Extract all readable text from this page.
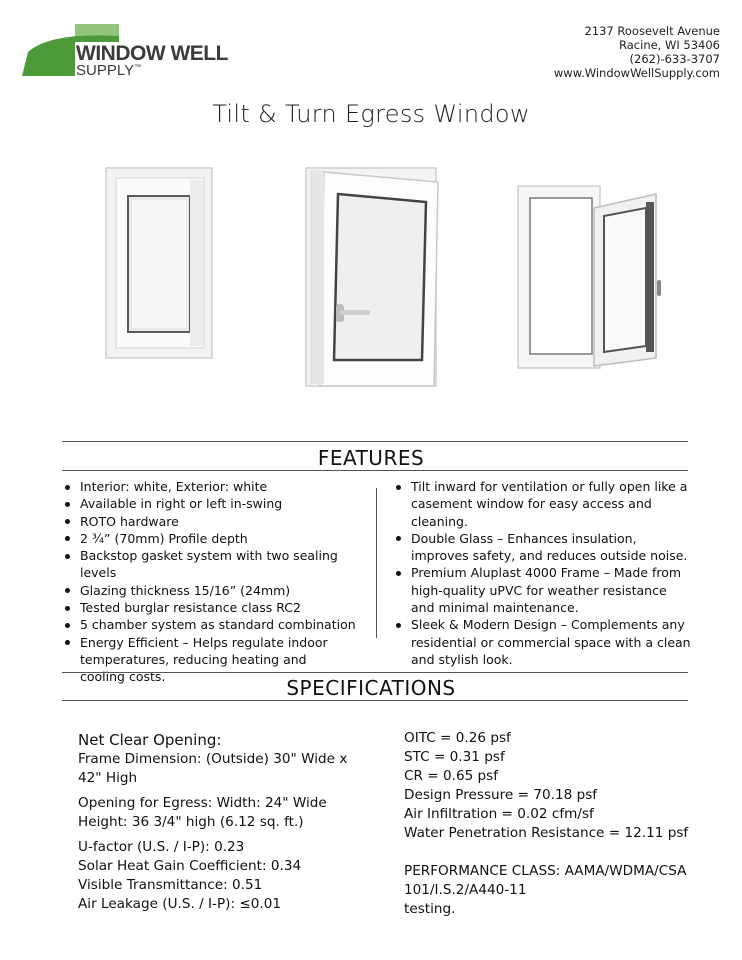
WINDOW WELL
SUPPLY™
2137 Roosevelt Avenue
Racine, WI 53406
(262)-633-3707
www.WindowWellSupply.com
Tilt & Turn Egress Window
FEATURES
Interior: white, Exterior: white
Available in right or left in-swing
ROTO hardware
2 ¾” (70mm) Profile depth
Backstop gasket system with two sealing levels
Glazing thickness 15/16” (24mm)
Tested burglar resistance class RC2
5 chamber system as standard combination
Energy Efficient – Helps regulate indoor temperatures, reducing heating and cooling costs.
Tilt inward for ventilation or fully open like a casement window for easy access and cleaning.
Double Glass – Enhances insulation, improves safety, and reduces outside noise.
Premium Aluplast 4000 Frame – Made from high-quality uPVC for weather resistance and minimal maintenance.
Sleek & Modern Design – Complements any residential or commercial space with a clean and stylish look.
SPECIFICATIONS
Net Clear Opening:
Frame Dimension: (Outside) 30" Wide x
42" High
Opening for Egress: Width: 24" Wide
Height: 36 3/4" high (6.12 sq. ft.)
U-factor (U.S. / I-P): 0.23
Solar Heat Gain Coefficient: 0.34
Visible Transmittance: 0.51
Air Leakage (U.S. / I-P): ≤0.01
OITC = 0.26 psf
STC = 0.31 psf
CR = 0.65 psf
Design Pressure = 70.18 psf
Air Infiltration = 0.02 cfm/sf
Water Penetration Resistance = 12.11 psf
PERFORMANCE CLASS: AAMA/WDMA/CSA
101/I.S.2/A440-11
testing.
